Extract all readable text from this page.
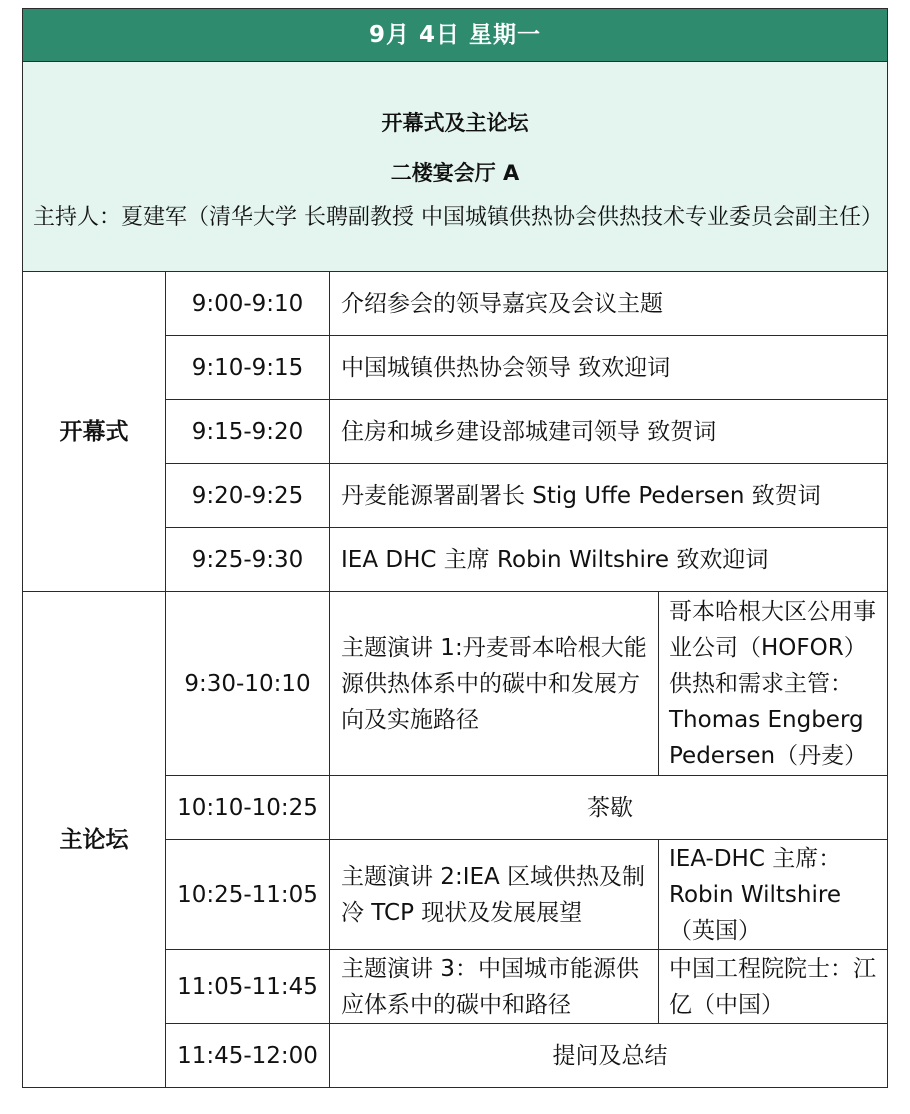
9月 4日 星期一			

开幕式及主论坛
二楼宴会厅 A
主持人：夏建军（清华大学 长聘副教授 中国城镇供热协会供热技术专业委员会副主任）			

开幕式	9:00-9:10	介绍参会的领导嘉宾及会议主题	
	9:10-9:15	中国城镇供热协会领导 致欢迎词	
	9:15-9:20	住房和城乡建设部城建司领导 致贺词	
	9:20-9:25	丹麦能源署副署长 Stig Uffe Pedersen 致贺词	
	9:25-9:30	IEA DHC 主席 Robin Wiltshire 致欢迎词	
主论坛	9:30-10:10	主题演讲 1:丹麦哥本哈根大能源供热体系中的碳中和发展方向及实施路径	哥本哈根大区公用事业公司（HOFOR）供热和需求主管：Thomas Engberg Pedersen（丹麦）
	10:10-10:25	茶歇	
	10:25-11:05	主题演讲 2:IEA 区域供热及制冷 TCP 现状及发展展望	IEA-DHC 主席：Robin Wiltshire（英国）
	11:05-11:45	主题演讲 3：中国城市能源供应体系中的碳中和路径	中国工程院院士：江亿（中国）
	11:45-12:00	提问及总结	
